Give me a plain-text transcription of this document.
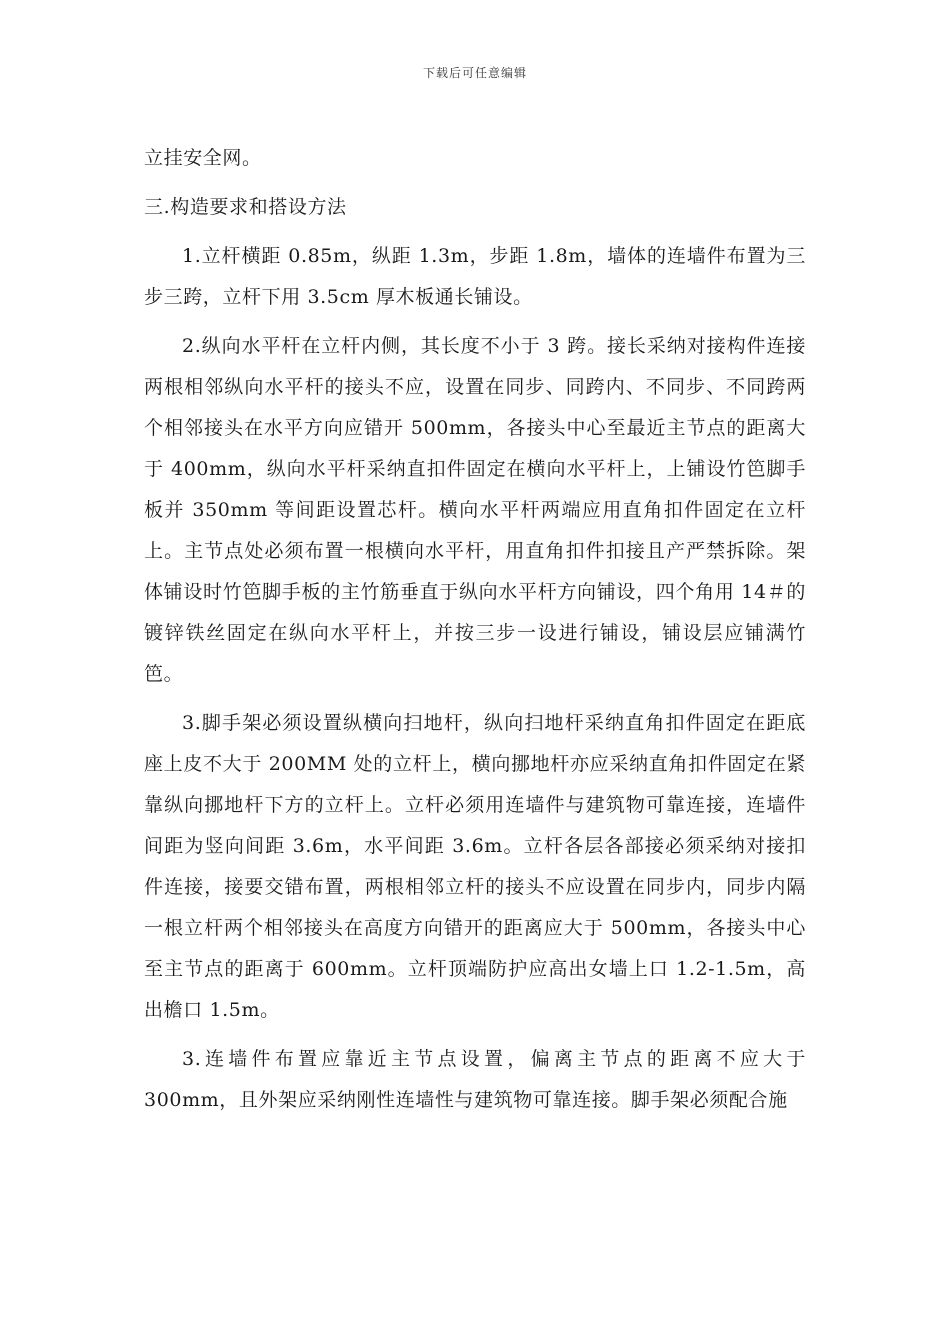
下载后可任意编辑

立挂安全网。

三.构造要求和搭设方法

1.立杆横距 0.85m，纵距 1.3m，步距 1.8m，墙体的连墙件布置为三步三跨，立杆下用 3.5cm 厚木板通长铺设。

2.纵向水平杆在立杆内侧，其长度不小于 3 跨。接长采纳对接构件连接两根相邻纵向水平杆的接头不应，设置在同步、同跨内、不同步、不同跨两个相邻接头在水平方向应错开 500mm，各接头中心至最近主节点的距离大于 400mm，纵向水平杆采纳直扣件固定在横向水平杆上，上铺设竹笆脚手板并 350mm 等间距设置芯杆。横向水平杆两端应用直角扣件固定在立杆上。主节点处必须布置一根横向水平杆，用直角扣件扣接且产严禁拆除。架体铺设时竹笆脚手板的主竹筋垂直于纵向水平杆方向铺设，四个角用 14＃的镀锌铁丝固定在纵向水平杆上，并按三步一设进行铺设，铺设层应铺满竹笆。

3.脚手架必须设置纵横向扫地杆，纵向扫地杆采纳直角扣件固定在距底座上皮不大于 200MM 处的立杆上，横向挪地杆亦应采纳直角扣件固定在紧靠纵向挪地杆下方的立杆上。立杆必须用连墙件与建筑物可靠连接，连墙件间距为竖向间距 3.6m，水平间距 3.6m。立杆各层各部接必须采纳对接扣件连接，接要交错布置，两根相邻立杆的接头不应设置在同步内，同步内隔一根立杆两个相邻接头在高度方向错开的距离应大于 500mm，各接头中心至主节点的距离于 600mm。立杆顶端防护应高出女墙上口 1.2-1.5m，高出檐口 1.5m。

3.连墙件布置应靠近主节点设置，偏离主节点的距离不应大于 300mm，且外架应采纳刚性连墙性与建筑物可靠连接。脚手架必须配合施
